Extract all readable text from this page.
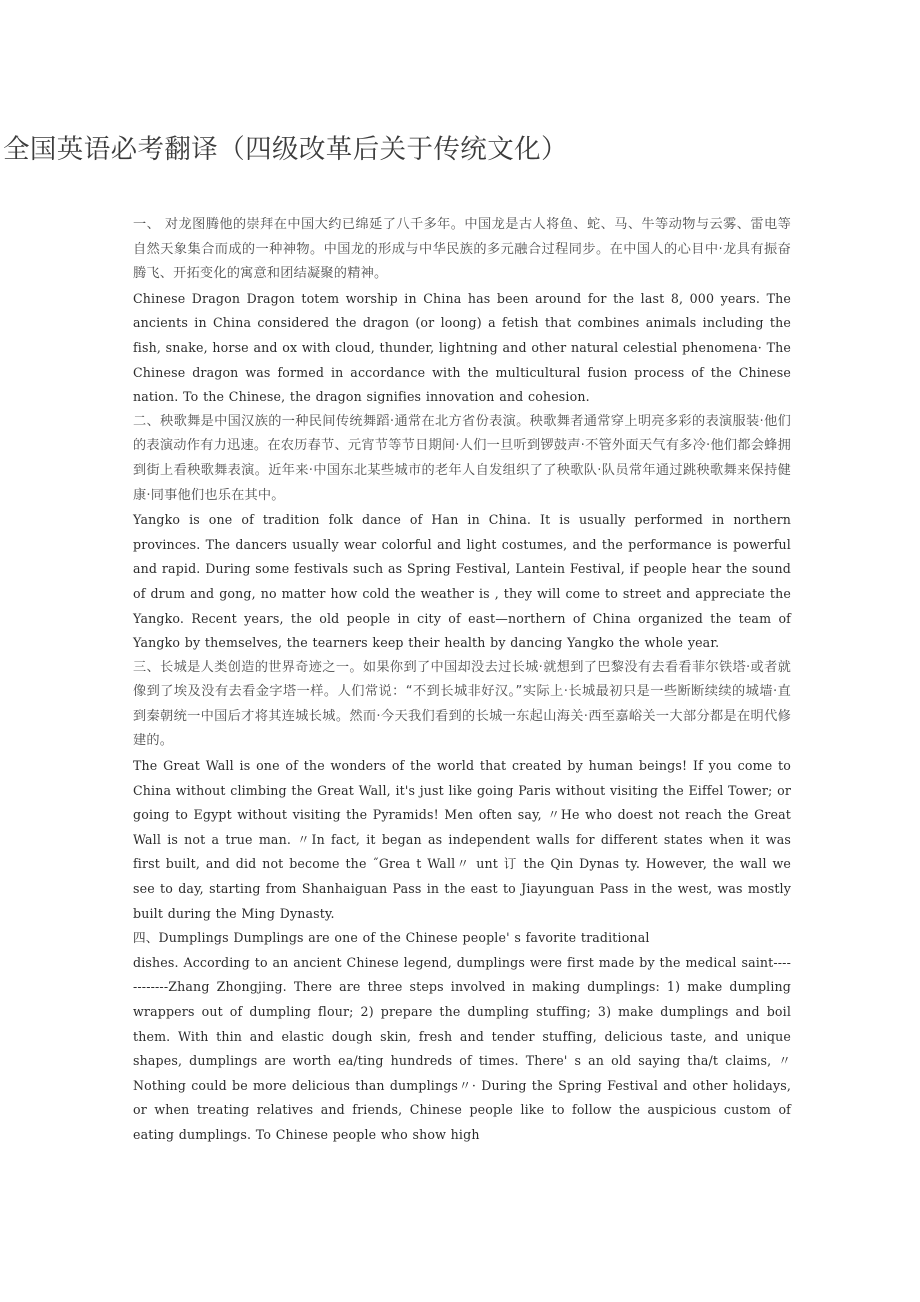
全国英语必考翻译（四级改革后关于传统文化）

一、 对龙图腾他的崇拜在中国大约已绵延了八千多年。中国龙是古人将鱼、蛇、马、牛等动物与云雾、雷电等自然天象集合而成的一种神物。中国龙的形成与中华民族的多元融合过程同步。在中国人的心目中·龙具有振奋腾飞、开拓变化的寓意和团结凝聚的精神。

Chinese Dragon Dragon totem worship in China has been around for the last 8, 000 years. The ancients in China considered the dragon (or loong) a fetish that combines animals including the fish, snake, horse and ox with cloud, thunder, lightning and other natural celestial phenomena· The Chinese dragon was formed in accordance with the multicultural fusion process of the Chinese nation. To the Chinese, the dragon signifies innovation and cohesion.

二、秧歌舞是中国汉族的一种民间传统舞蹈·通常在北方省份表演。秧歌舞者通常穿上明亮多彩的表演服装·他们的表演动作有力迅速。在农历春节、元宵节等节日期间·人们一旦听到锣鼓声·不管外面天气有多冷·他们都会蜂拥到街上看秧歌舞表演。近年来·中国东北某些城市的老年人自发组织了了秧歌队·队员常年通过跳秧歌舞来保持健康·同事他们也乐在其中。

Yangko is one of tradition folk dance of Han in China. It is usually performed in northern provinces. The dancers usually wear colorful and light costumes, and the performance is powerful and rapid. During some festivals such as Spring Festival, Lantein Festival, if people hear the sound of drum and gong, no matter how cold the weather is , they will come to street and appreciate the Yangko. Recent years, the old people in city of east—northern of China organized the team of Yangko by themselves, the tearners keep their health by dancing Yangko the whole year.

三、长城是人类创造的世界奇迹之一。如果你到了中国却没去过长城·就想到了巴黎没有去看看菲尔铁塔·或者就像到了埃及没有去看金字塔一样。人们常说：“不到长城非好汉。”实际上·长城最初只是一些断断续续的城墙·直到秦朝统一中国后才将其连城长城。然而·今天我们看到的长城一东起山海关·西至嘉峪关一大部分都是在明代修建的。

The Great Wall is one of the wonders of the world that created by human beings! If you come to China without climbing the Great Wall, it's just like going Paris without visiting the Eiffel Tower; or going to Egypt without visiting the Pyramids! Men often say, 〃He who doest not reach the Great Wall is not a true man. 〃In fact, it began as independent walls for different states when it was first built, and did not become the ˝Grea t Wall〃 unt 订 the Qin Dynas ty. However, the wall we see to day, starting from Shanhaiguan Pass in the east to Jiayunguan Pass in the west, was mostly built during the Ming Dynasty.

四、Dumplings Dumplings are one of the Chinese people' s favorite traditional

dishes. According to an ancient Chinese legend, dumplings were first made by the medical saint------------Zhang Zhongjing. There are three steps involved in making dumplings: 1) make dumpling wrappers out of dumpling flour; 2) prepare the dumpling stuffing; 3) make dumplings and boil them. With thin and elastic dough skin, fresh and tender stuffing, delicious taste, and unique shapes, dumplings are worth ea/ting hundreds of times. There' s an old saying tha/t claims, 〃Nothing could be more delicious than dumplings〃· During the Spring Festival and other holidays, or when treating relatives and friends, Chinese people like to follow the auspicious custom of eating dumplings. To Chinese people who show high
